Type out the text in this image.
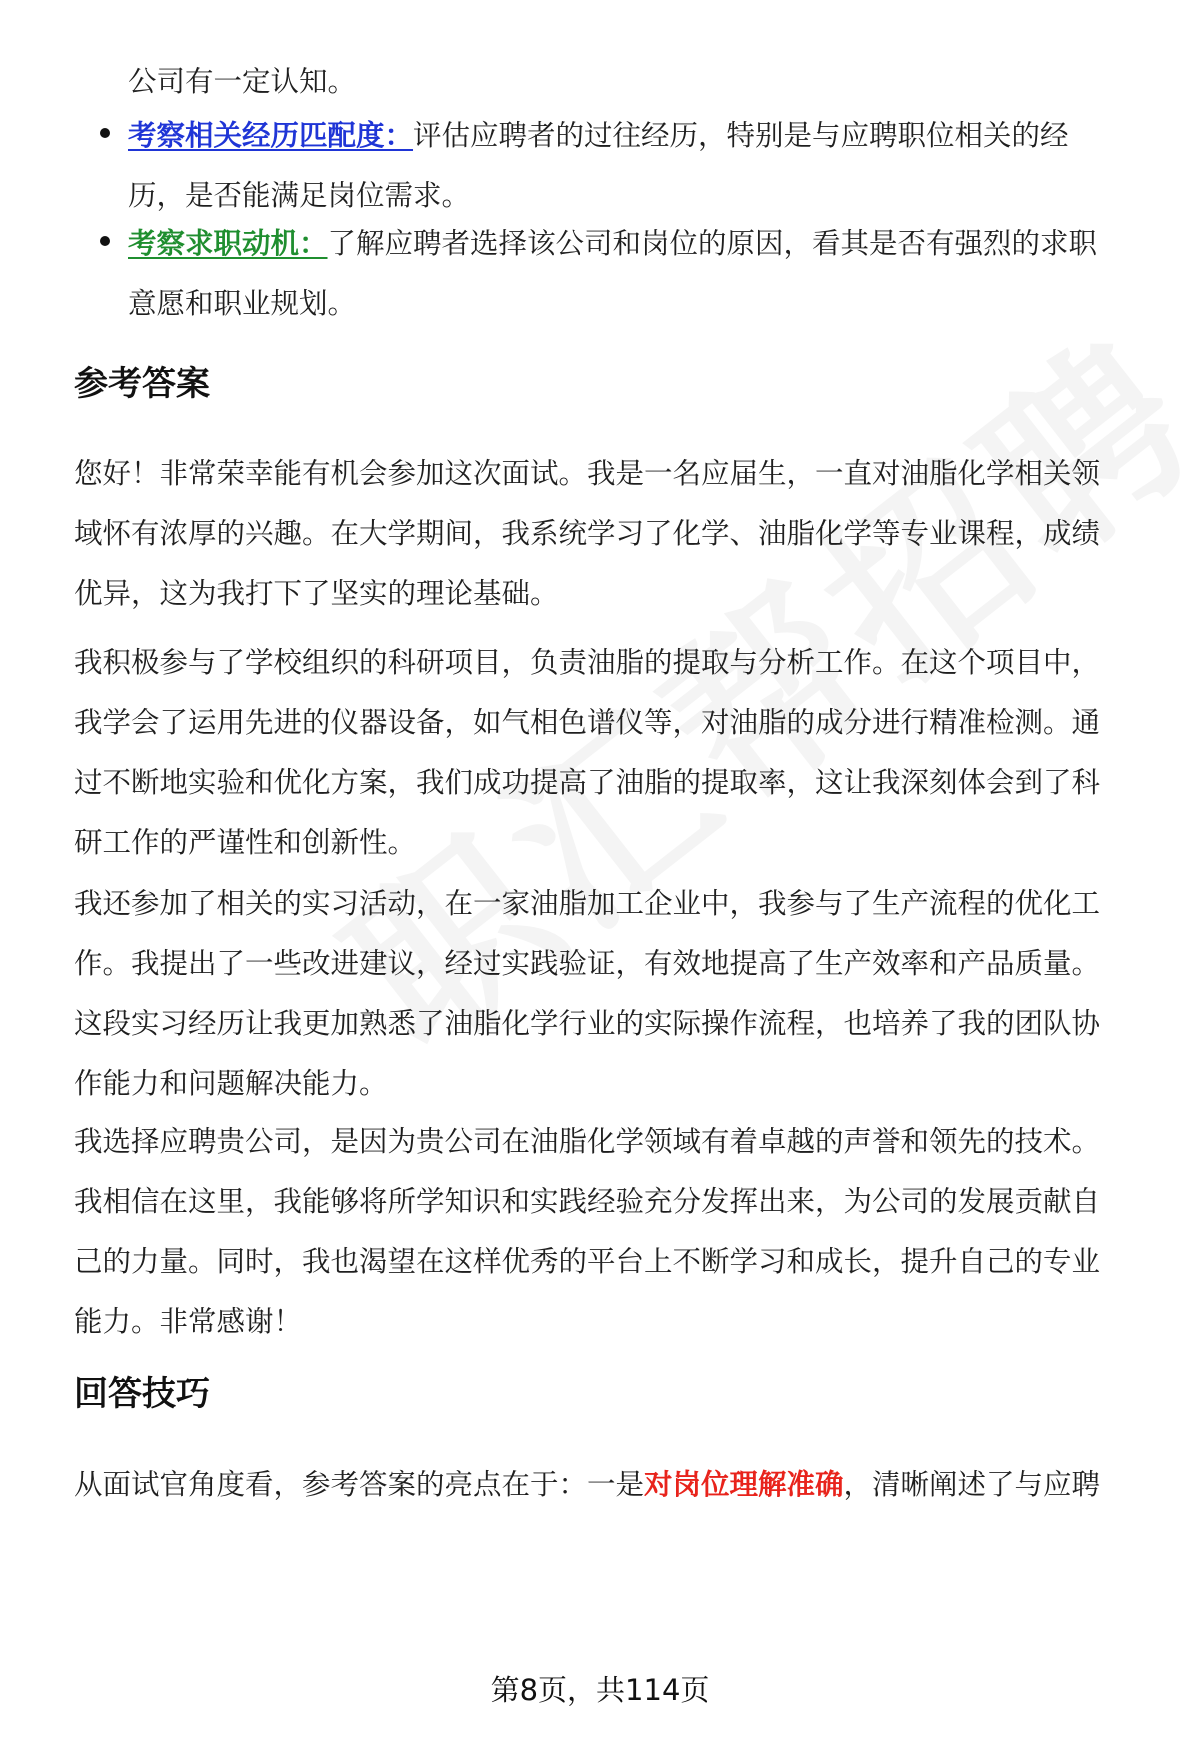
公司有一定认知。
考察相关经历匹配度：评估应聘者的过往经历，特别是与应聘职位相关的经
历，是否能满足岗位需求。
考察求职动机：了解应聘者选择该公司和岗位的原因，看其是否有强烈的求职
意愿和职业规划。
参考答案
您好！非常荣幸能有机会参加这次面试。我是一名应届生，一直对油脂化学相关领
域怀有浓厚的兴趣。在大学期间，我系统学习了化学、油脂化学等专业课程，成绩
优异，这为我打下了坚实的理论基础。
我积极参与了学校组织的科研项目，负责油脂的提取与分析工作。在这个项目中，
我学会了运用先进的仪器设备，如气相色谱仪等，对油脂的成分进行精准检测。通
过不断地实验和优化方案，我们成功提高了油脂的提取率，这让我深刻体会到了科
研工作的严谨性和创新性。
我还参加了相关的实习活动，在一家油脂加工企业中，我参与了生产流程的优化工
作。我提出了一些改进建议，经过实践验证，有效地提高了生产效率和产品质量。
这段实习经历让我更加熟悉了油脂化学行业的实际操作流程，也培养了我的团队协
作能力和问题解决能力。
我选择应聘贵公司，是因为贵公司在油脂化学领域有着卓越的声誉和领先的技术。
我相信在这里，我能够将所学知识和实践经验充分发挥出来，为公司的发展贡献自
己的力量。同时，我也渴望在这样优秀的平台上不断学习和成长，提升自己的专业
能力。非常感谢！
回答技巧
从面试官角度看，参考答案的亮点在于：一是对岗位理解准确，清晰阐述了与应聘
第8页，共114页
